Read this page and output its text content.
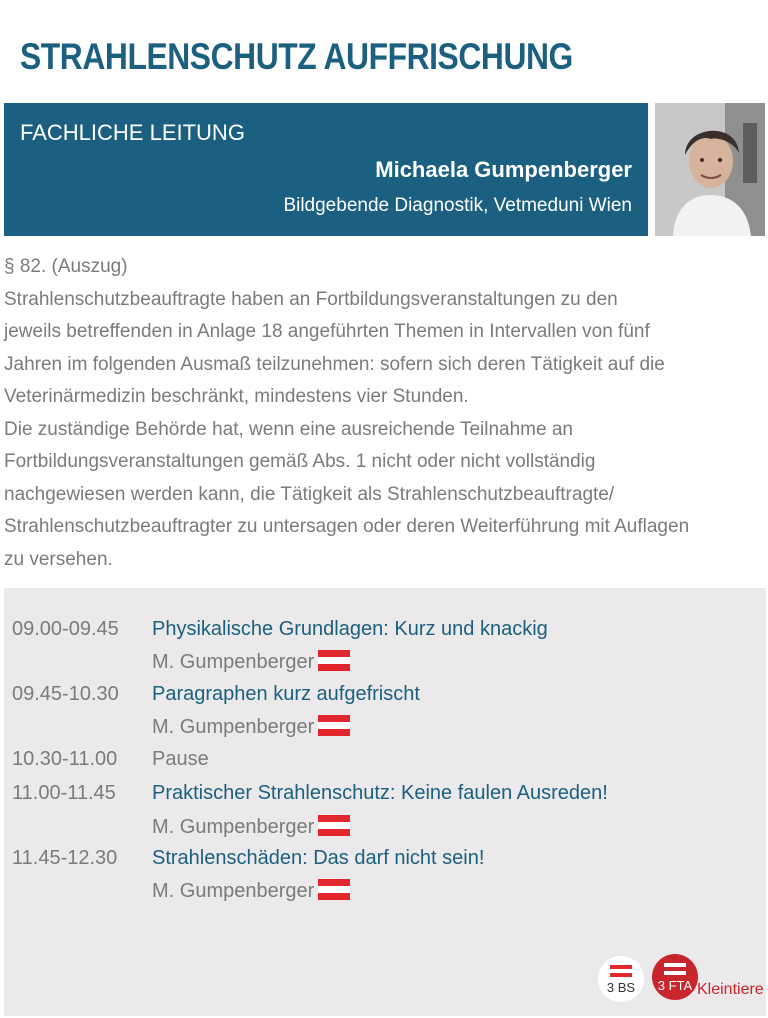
STRAHLENSCHUTZ AUFFRISCHUNG
FACHLICHE LEITUNG
Michaela Gumpenberger
Bildgebende Diagnostik, Vetmeduni Wien
§ 82. (Auszug)
Strahlenschutzbeauftragte haben an Fortbildungsveranstaltungen zu den
jeweils betreffenden in Anlage 18 angeführten Themen in Intervallen von fünf
Jahren im folgenden Ausmaß teilzunehmen: sofern sich deren Tätigkeit auf die
Veterinärmedizin beschränkt, mindestens vier Stunden.
Die zuständige Behörde hat, wenn eine ausreichende Teilnahme an
Fortbildungsveranstaltungen gemäß Abs. 1 nicht oder nicht vollständig
nachgewiesen werden kann, die Tätigkeit als Strahlenschutzbeauftragte/
Strahlenschutzbeauftragter zu untersagen oder deren Weiterführung mit Auflagen
zu versehen.
09.00-09.45 Physikalische Grundlagen: Kurz und knackig
M. Gumpenberger
09.45-10.30 Paragraphen kurz aufgefrischt
M. Gumpenberger
10.30-11.00 Pause
11.00-11.45 Praktischer Strahlenschutz: Keine faulen Ausreden!
M. Gumpenberger
11.45-12.30 Strahlenschäden: Das darf nicht sein!
M. Gumpenberger
3 BS	3 FTA Kleintiere
